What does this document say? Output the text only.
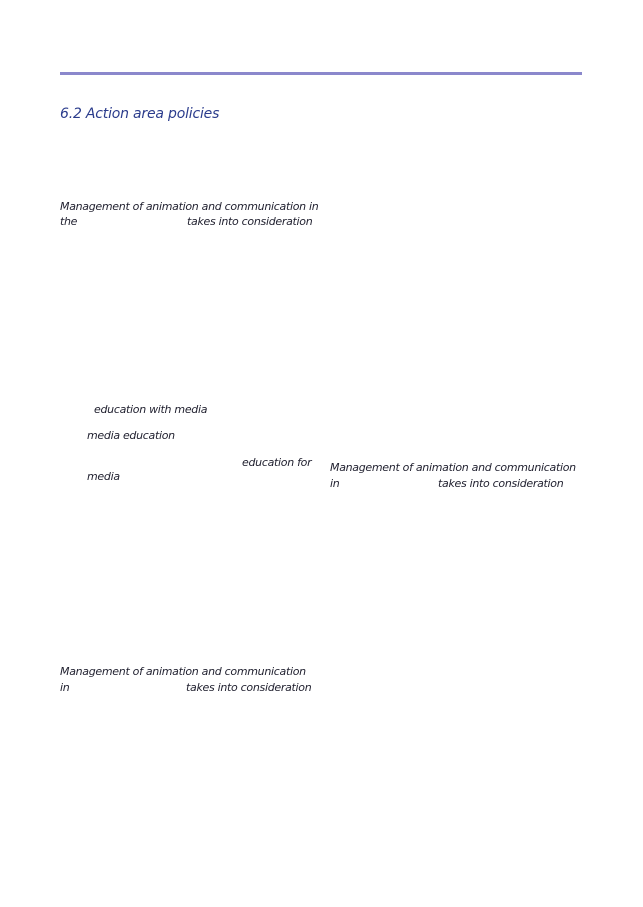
6.2 Action area policies
Management of animation and communication in
the	takes into consideration
education with media
media education
education for
media
Management of animation and communication
in	takes into consideration
Management of animation and communication
in	takes into consideration
